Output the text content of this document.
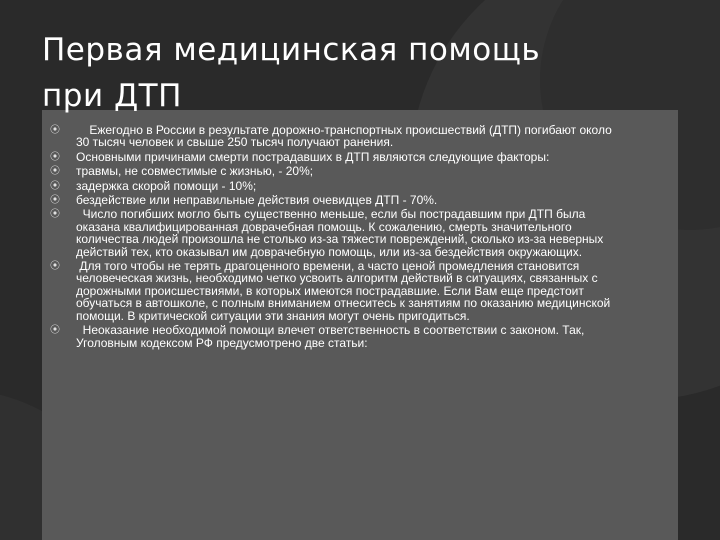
Первая медицинская помощь
при ДТП
⦿ Ежегодно в России в результате дорожно-транспортных происшествий (ДТП) погибают около 30 тысяч человек и свыше 250 тысяч получают ранения.
⦿ Основными причинами смерти пострадавших в ДТП являются следующие факторы:
⦿ травмы, не совместимые с жизнью, - 20%;
⦿ задержка скорой помощи - 10%;
⦿ бездействие или неправильные действия очевидцев ДТП - 70%.
⦿ Число погибших могло быть существенно меньше, если бы пострадавшим при ДТП была оказана квалифицированная доврачебная помощь. К сожалению, смерть значительного количества людей произошла не столько из-за тяжести повреждений, сколько из-за неверных действий тех, кто оказывал им доврачебную помощь, или из-за бездействия окружающих.
⦿ Для того чтобы не терять драгоценного времени, а часто ценой промедления становится человеческая жизнь, необходимо четко усвоить алгоритм действий в ситуациях, связанных с дорожными происшествиями, в которых имеются пострадавшие. Если Вам еще предстоит обучаться в автошколе, с полным вниманием отнеситесь к занятиям по оказанию медицинской помощи. В критической ситуации эти знания могут очень пригодиться.
⦿ Неоказание необходимой помощи влечет ответственность в соответствии с законом. Так, Уголовным кодексом РФ предусмотрено две статьи:
